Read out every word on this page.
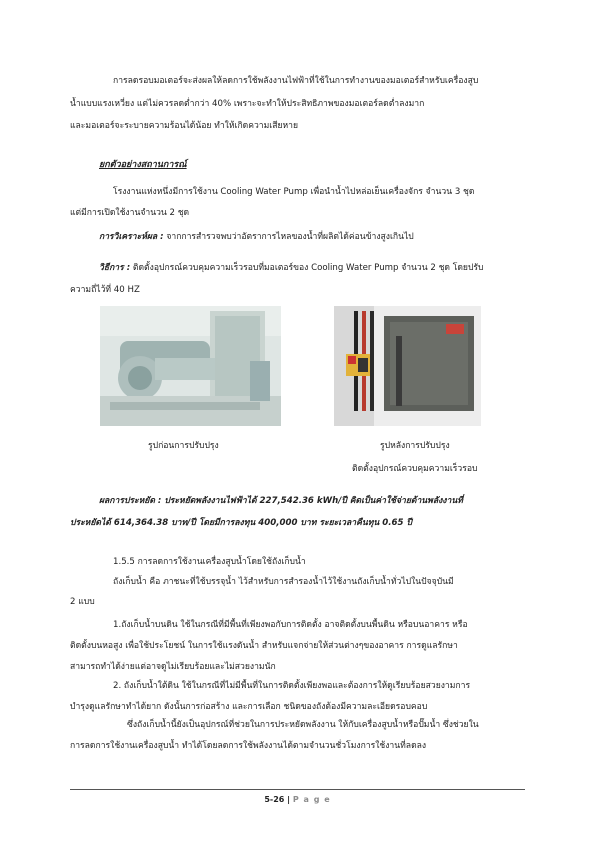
การลดรอบมอเตอร์จะส่งผลให้ลดการใช้พลังงานไฟฟ้าที่ใช้ในการทำงานของมอเตอร์สำหรับเครื่องสูบ
น้ำแบบแรงเหวี่ยง แต่ไม่ควรลดต่ำกว่า 40% เพราะจะทำให้ประสิทธิภาพของมอเตอร์ลดต่ำลงมาก
และมอเตอร์จะระบายความร้อนได้น้อย ทำให้เกิดความเสียหาย
ยกตัวอย่างสถานการณ์
โรงงานแห่งหนึ่งมีการใช้งาน Cooling Water Pump เพื่อนำน้ำไปหล่อเย็นเครื่องจักร จำนวน 3 ชุด
แต่มีการเปิดใช้งานจำนวน 2 ชุด
การวิเคราะห์ผล : จากการสำรวจพบว่าอัตราการไหลของน้ำที่ผลิตได้ค่อนข้างสูงเกินไป
วิธีการ : ติดตั้งอุปกรณ์ควบคุมความเร็วรอบที่มอเตอร์ของ Cooling Water Pump จำนวน 2 ชุด โดยปรับ
ความถี่ไว้ที่ 40 HZ
รูปก่อนการปรับปรุง	รูปหลังการปรับปรุง
ติดตั้งอุปกรณ์ควบคุมความเร็วรอบ
ผลการประหยัด : ประหยัดพลังงานไฟฟ้าได้ 227,542.36 kWh/ปี คิดเป็นค่าใช้จ่ายด้านพลังงานที่
ประหยัดได้ 614,364.38 บาท/ปี โดยมีการลงทุน 400,000 บาท ระยะเวลาคืนทุน 0.65 ปี
1.5.5 การลดการใช้งานเครื่องสูบน้ำโดยใช้ถังเก็บน้ำ
ถังเก็บน้ำ คือ ภาชนะที่ใช้บรรจุน้ำ ไว้สำหรับการสำรองน้ำไว้ใช้งานถังเก็บน้ำทั่วไปในปัจจุบันมี
2 แบบ
1.ถังเก็บน้ำบนดิน ใช้ในกรณีที่มีพื้นที่เพียงพอกับการติดตั้ง อาจติดตั้งบนพื้นดิน หรือบนอาคาร หรือ
ติดตั้งบนหอสูง เพื่อใช้ประโยชน์ ในการใช้แรงดันน้ำ สำหรับแจกจ่ายให้ส่วนต่างๆของอาคาร การดูแลรักษา
สามารถทำได้ง่ายแต่อาจดูไม่เรียบร้อยและไม่สวยงามนัก
2. ถังเก็บน้ำใต้ดิน ใช้ในกรณีที่ไม่มีพื้นที่ในการติดตั้งเพียงพอและต้องการให้ดูเรียบร้อยสวยงามการ
บำรุงดูแลรักษาทำได้ยาก ดังนั้นการก่อสร้าง และการเลือก ชนิดของถังต้องมีความละเอียดรอบคอบ
ซึ่งถังเก็บน้ำนี้ยังเป็นอุปกรณ์ที่ช่วยในการประหยัดพลังงาน ให้กับเครื่องสูบน้ำหรือปั๊มน้ำ ซึ่งช่วยใน
การลดการใช้งานเครื่องสูบน้ำ ทำได้โดยลดการใช้พลังงานได้ตามจำนวนชั่วโมงการใช้งานที่ลดลง
5-26 | P a g e
